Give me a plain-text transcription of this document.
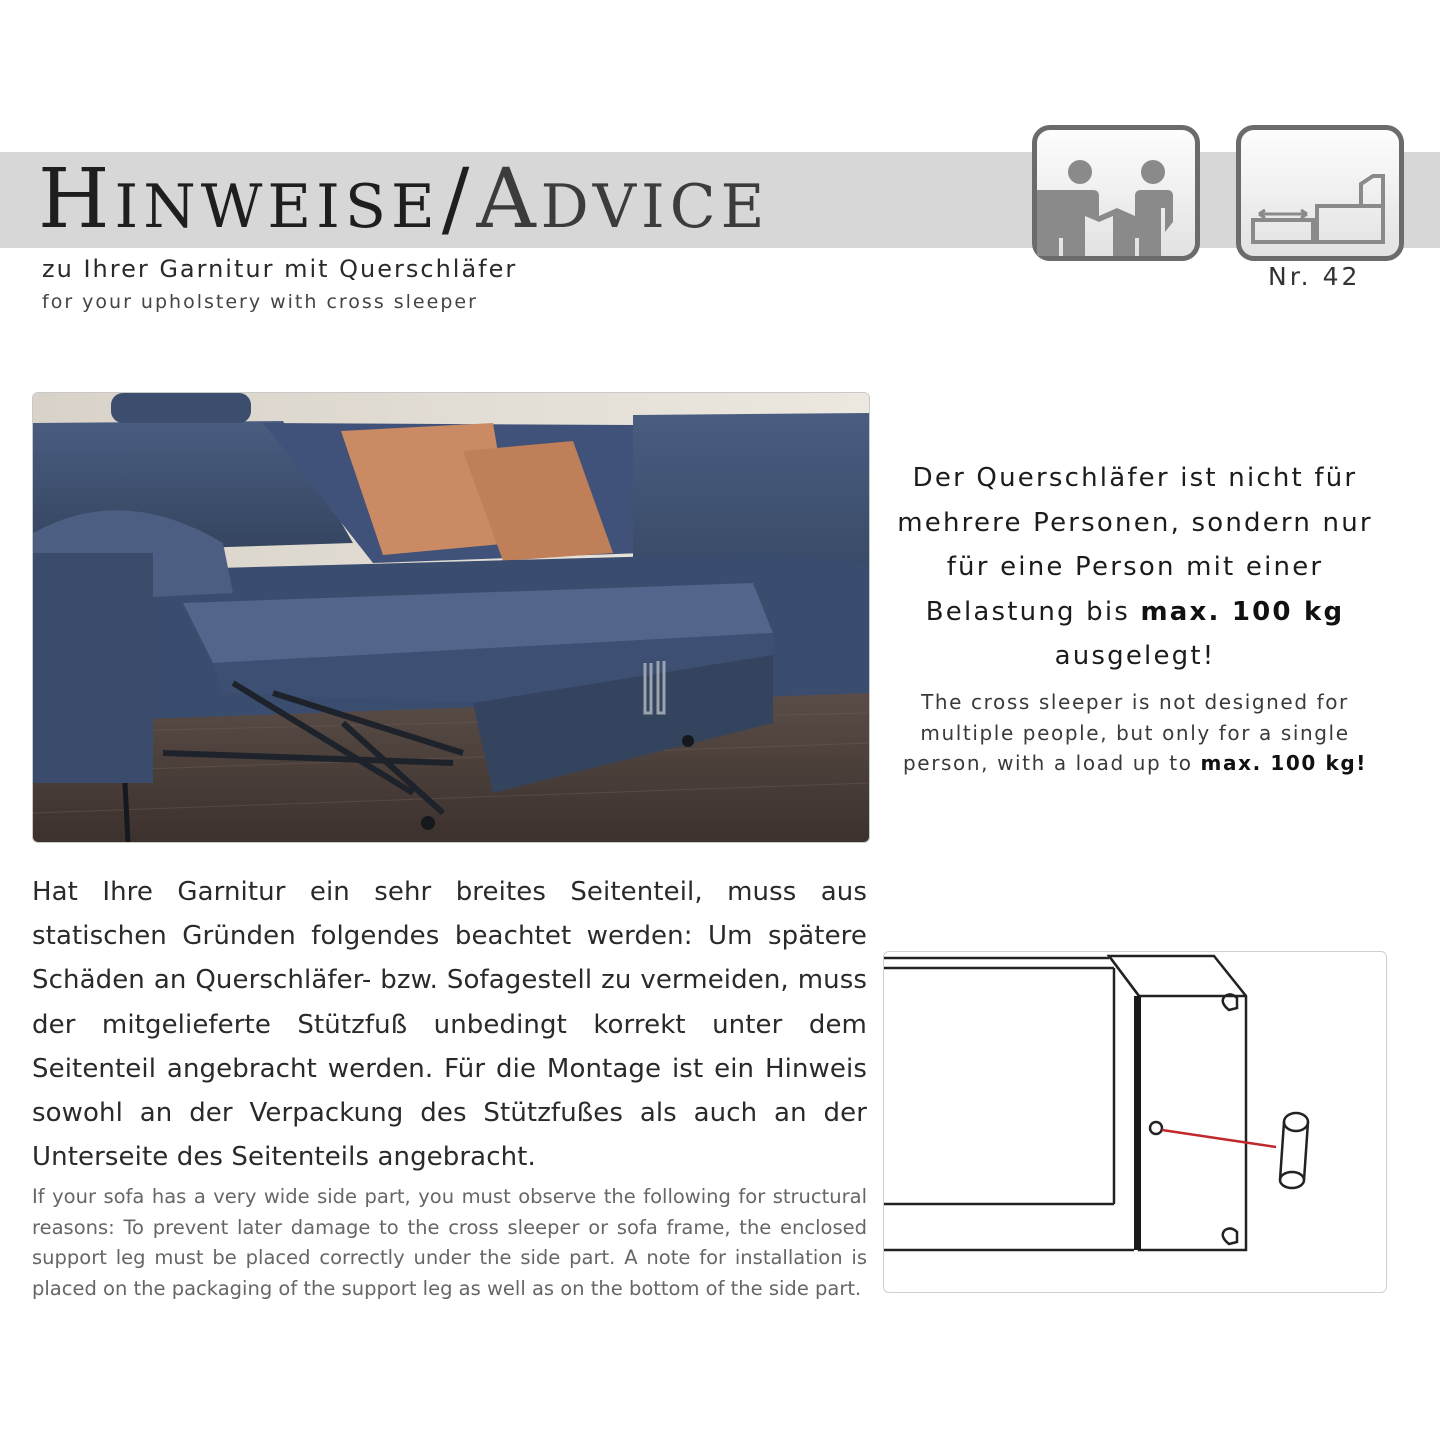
HINWEISE/ADVICE
zu Ihrer Garnitur mit Querschläfer
for your upholstery with cross sleeper
Nr. 42
Der Querschläfer ist nicht für mehrere Personen, sondern nur für eine Person mit einer Belastung bis max. 100 kg ausgelegt!
The cross sleeper is not designed for multiple people, but only for a single person, with a load up to max. 100 kg!

Hat Ihre Garnitur ein sehr breites Seitenteil, muss aus statischen Gründen folgendes beachtet werden: Um spätere Schäden an Querschläfer- bzw. Sofagestell zu vermeiden, muss der mitgelieferte Stützfuß unbedingt korrekt unter dem Seitenteil angebracht werden. Für die Montage ist ein Hinweis sowohl an der Verpackung des Stützfußes als auch an der Unterseite des Seitenteils angebracht.

If your sofa has a very wide side part, you must observe the following for structural reasons: To prevent later damage to the cross sleeper or sofa frame, the enclosed support leg must be placed correctly under the side part. A note for installation is placed on the packaging of the support leg as well as on the bottom of the side part.
